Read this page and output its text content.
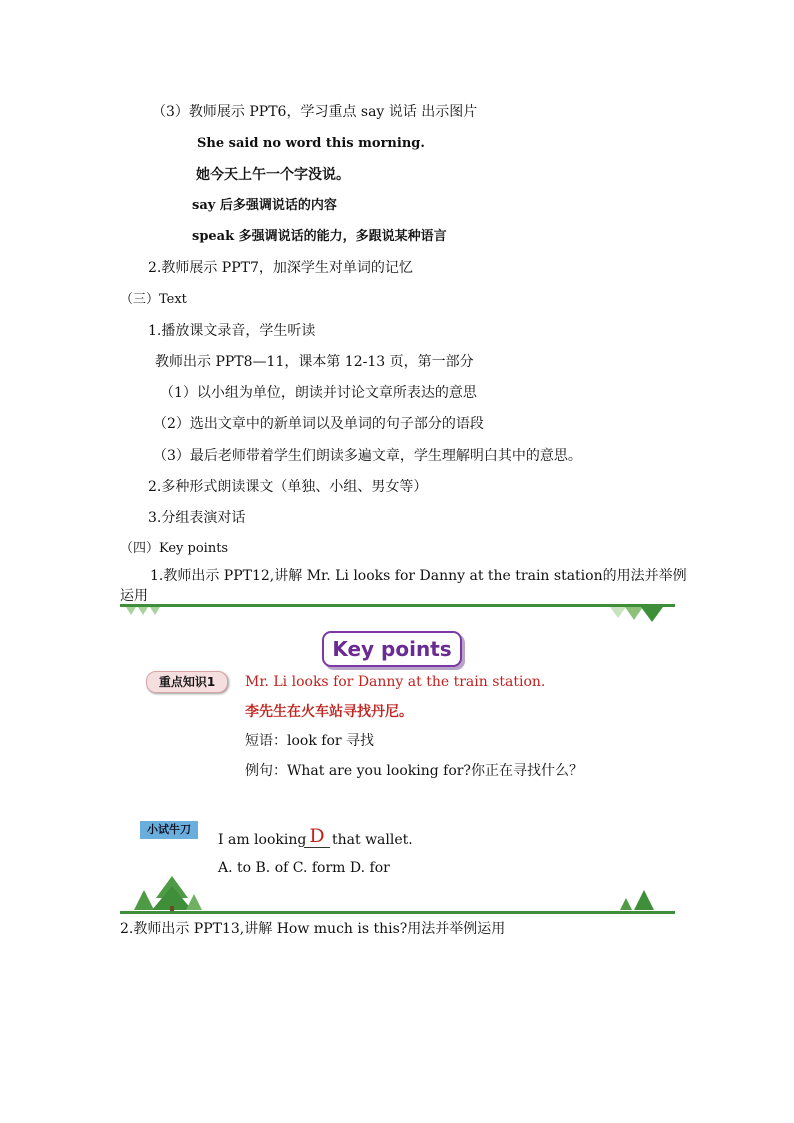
（3）教师展示 PPT6，学习重点 say 说话 出示图片
She said no word this morning.
她今天上午一个字没说。
say 后多强调说话的内容
speak 多强调说话的能力，多跟说某种语言
2.教师展示 PPT7，加深学生对单词的记忆
（三）Text
1.播放课文录音，学生听读
教师出示 PPT8—11，课本第 12-13 页，第一部分
（1）以小组为单位，朗读并讨论文章所表达的意思
（2）选出文章中的新单词以及单词的句子部分的语段
（3）最后老师带着学生们朗读多遍文章，学生理解明白其中的意思。
2.多种形式朗读课文（单独、小组、男女等）
3.分组表演对话
（四）Key points
1.教师出示 PPT12,讲解 Mr. Li looks for Danny at the train station的用法并举例
运用
Key points
重点知识1	Mr. Li looks for Danny at the train station.
李先生在火车站寻找丹尼。
短语：look for 寻找
例句：What are you looking for?你正在寻找什么？
小试牛刀
I am looking D that wallet.
A. to B. of C. form D. for
2.教师出示 PPT13,讲解 How much is this?用法并举例运用
